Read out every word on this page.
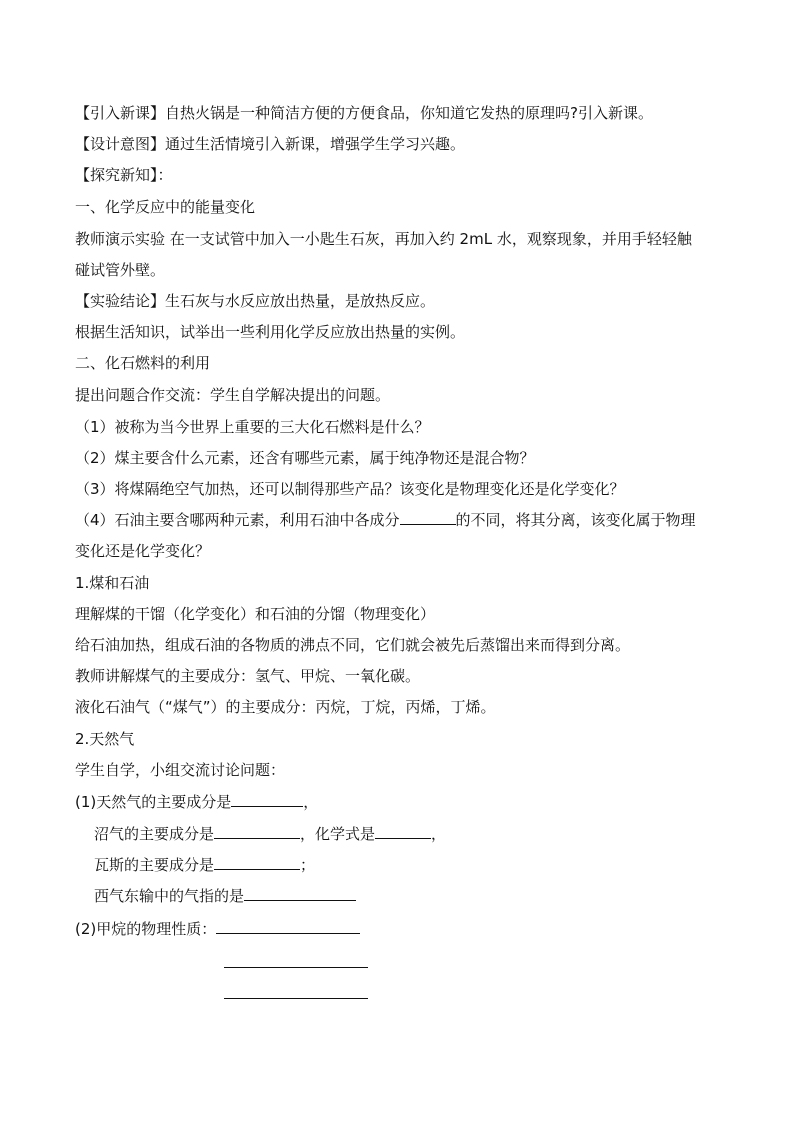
【引入新课】自热火锅是一种简洁方便的方便食品，你知道它发热的原理吗?引入新课。
【设计意图】通过生活情境引入新课，增强学生学习兴趣。
【探究新知】：
一、化学反应中的能量变化
教师演示实验 在一支试管中加入一小匙生石灰，再加入约 2mL 水，观察现象，并用手轻轻触
碰试管外壁。
【实验结论】生石灰与水反应放出热量，是放热反应。
根据生活知识，试举出一些利用化学反应放出热量的实例。
二、化石燃料的利用
提出问题合作交流：学生自学解决提出的问题。
（1）被称为当今世界上重要的三大化石燃料是什么？
（2）煤主要含什么元素，还含有哪些元素，属于纯净物还是混合物？
（3）将煤隔绝空气加热，还可以制得那些产品？该变化是物理变化还是化学变化？
（4）石油主要含哪两种元素，利用石油中各成分	的不同，将其分离，该变化属于物理
变化还是化学变化？
1.煤和石油
理解煤的干馏（化学变化）和石油的分馏（物理变化）
给石油加热，组成石油的各物质的沸点不同，它们就会被先后蒸馏出来而得到分离。
教师讲解煤气的主要成分：氢气、甲烷、一氧化碳。
液化石油气（“煤气”）的主要成分：丙烷，丁烷，丙烯，丁烯。
2.天然气
学生自学，小组交流讨论问题：
(1)天然气的主要成分是	，
沼气的主要成分是	，化学式是	，
瓦斯的主要成分是	；
西气东输中的气指的是
(2)甲烷的物理性质：
